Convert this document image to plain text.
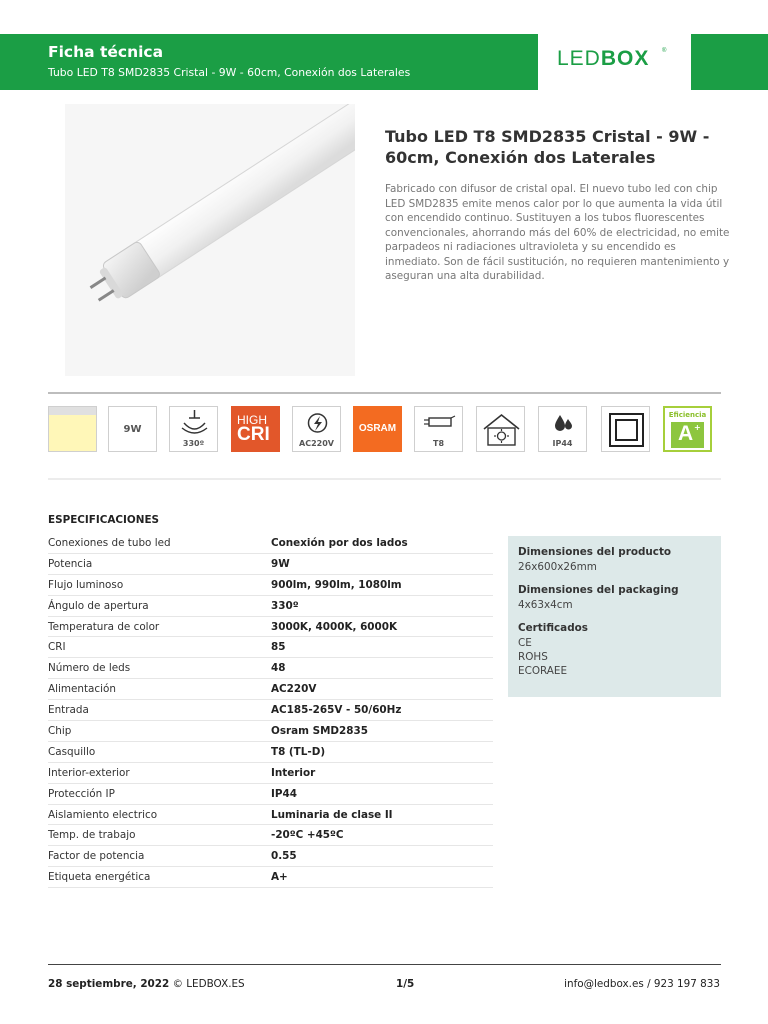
Ficha técnica
Tubo LED T8 SMD2835 Cristal - 9W - 60cm, Conexión dos Laterales
LEDBOX ®
Tubo LED T8 SMD2835 Cristal - 9W - 60cm, Conexión dos Laterales
Fabricado con difusor de cristal opal. El nuevo tubo led con chip LED SMD2835 emite menos calor por lo que aumenta la vida útil con encendido continuo. Sustituyen a los tubos fluorescentes convencionales, ahorrando más del 60% de electricidad, no emite parpadeos ni radiaciones ultravioleta y su encendido es inmediato. Son de fácil sustitución, no requieren mantenimiento y aseguran una alta durabilidad.
9W
330º
HIGH
CRI	AC220V
OSRAM
T8	IP44
Eficiencia
A +
ESPECIFICACIONES
Conexiones de tubo led	Conexión por dos lados
Potencia	9W
Flujo luminoso	900lm, 990lm, 1080lm
Ángulo de apertura	330º
Temperatura de color	3000K, 4000K, 6000K
CRI	85
Número de leds	48
Alimentación	AC220V
Entrada	AC185-265V - 50/60Hz
Chip	Osram SMD2835
Casquillo	T8 (TL-D)
Interior-exterior	Interior
Protección IP	IP44
Aislamiento electrico	Luminaria de clase II
Temp. de trabajo	-20ºC +45ºC
Factor de potencia	0.55
Etiqueta energética	A+
Dimensiones del producto
26x600x26mm
Dimensiones del packaging
4x63x4cm
Certificados
CE
ROHS
ECORAEE
28 septiembre, 2022 © LEDBOX.ES	1/5	info@ledbox.es / 923 197 833
